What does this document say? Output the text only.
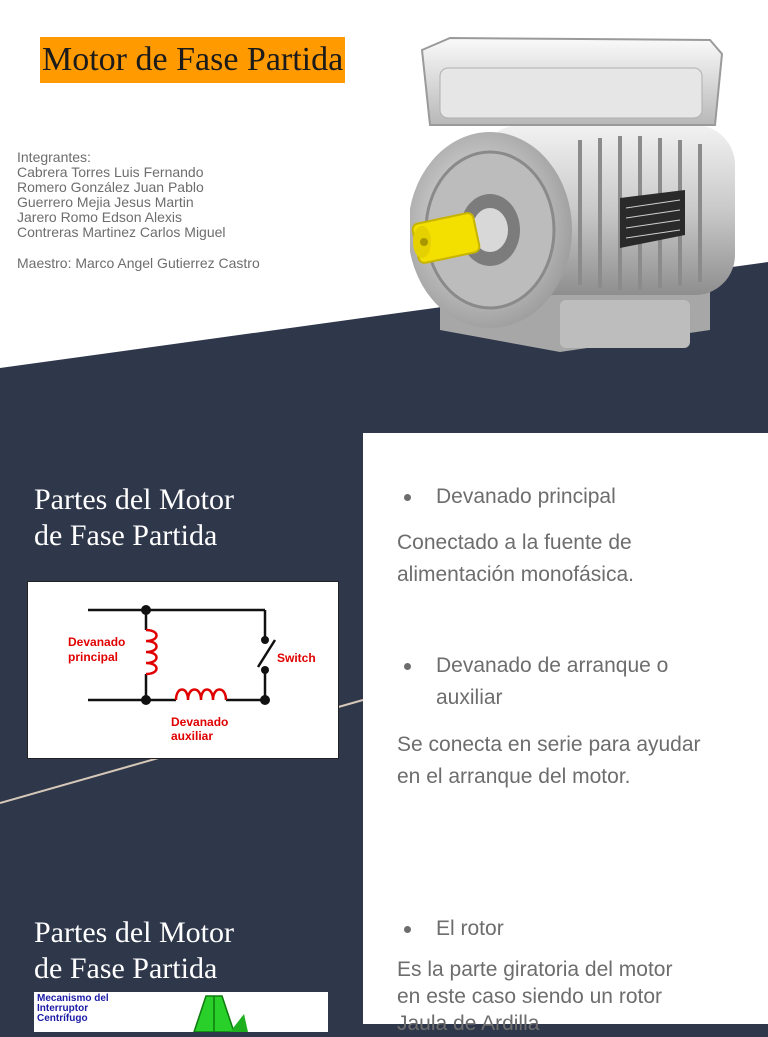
Motor de Fase Partida
Integrantes:
Cabrera Torres Luis Fernando
Romero González Juan Pablo
Guerrero Mejia Jesus Martin
Jarero Romo Edson Alexis
Contreras Martinez Carlos Miguel
Maestro: Marco Angel Gutierrez Castro
Partes del Motor
de Fase Partida
Devanado
principal	Switch
Devanado
auxiliar
Devanado principal
Conectado a la fuente de
alimentación monofásica.
Devanado de arranque o
auxiliar
Se conecta en serie para ayudar
en el arranque del motor.
Partes del Motor
de Fase Partida
Mecanismo del
Interruptor
Centrífugo
El rotor
Es la parte giratoria del motor
en este caso siendo un rotor
Jaula de Ardilla
